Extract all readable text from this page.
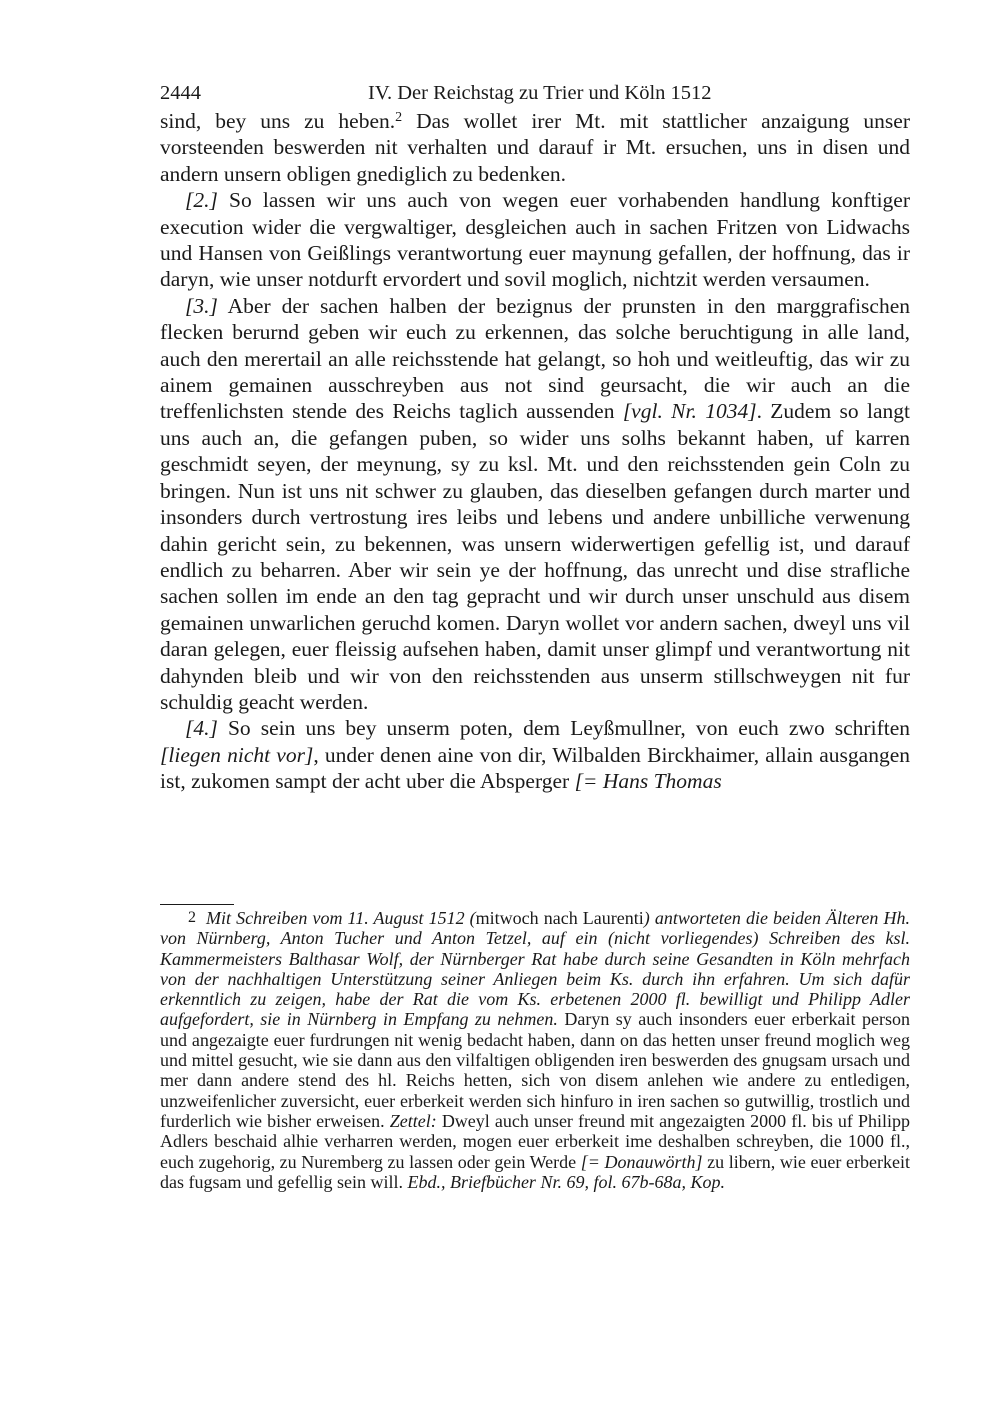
2444	IV. Der Reichstag zu Trier und Köln 1512

sind, bey uns zu heben.$^2$ Das wollet irer Mt. mit stattlicher anzaigung unser vorsteenden beswerden nit verhalten und darauf ir Mt. ersuchen, uns in disen und andern unsern obligen gnediglich zu bedenken.

[2.] So lassen wir uns auch von wegen euer vorhabenden handlung konftiger execution wider die vergwaltiger, desgleichen auch in sachen Fritzen von Lidwachs und Hansen von Geißlings verantwortung euer maynung gefallen, der hoffnung, das ir daryn, wie unser notdurft ervordert und sovil moglich, nichtzit werden versaumen.

[3.] Aber der sachen halben der bezignus der prunsten in den marggrafischen flecken berurnd geben wir euch zu erkennen, das solche beruchtigung in alle land, auch den merertail an alle reichsstende hat gelangt, so hoh und weitleuftig, das wir zu ainem gemainen ausschreyben aus not sind geursacht, die wir auch an die treffenlichsten stende des Reichs taglich aussenden [vgl. Nr. 1034]. Zudem so langt uns auch an, die gefangen puben, so wider uns solhs bekannt haben, uf karren geschmidt seyen, der meynung, sy zu ksl. Mt. und den reichsstenden gein Coln zu bringen. Nun ist uns nit schwer zu glauben, das dieselben gefangen durch marter und insonders durch vertrostung ires leibs und lebens und andere unbilliche verwenung dahin gericht sein, zu bekennen, was unsern widerwertigen gefellig ist, und darauf endlich zu beharren. Aber wir sein ye der hoffnung, das unrecht und dise strafliche sachen sollen im ende an den tag gepracht und wir durch unser unschuld aus disem gemainen unwarlichen geruchd komen. Daryn wollet vor andern sachen, dweyl uns vil daran gelegen, euer fleissig aufsehen haben, damit unser glimpf und verantwortung nit dahynden bleib und wir von den reichsstenden aus unserm stillschweygen nit fur schuldig geacht werden.

[4.] So sein uns bey unserm poten, dem Leyßmullner, von euch zwo schriften [liegen nicht vor], under denen aine von dir, Wilbalden Birckhaimer, allain ausgangen ist, zukomen sampt der acht uber die Absperger [= Hans Thomas

2 Mit Schreiben vom 11. August 1512 (mitwoch nach Laurenti) antworteten die beiden Älteren Hh. von Nürnberg, Anton Tucher und Anton Tetzel, auf ein (nicht vorliegendes) Schreiben des ksl. Kammermeisters Balthasar Wolf, der Nürnberger Rat habe durch seine Gesandten in Köln mehrfach von der nachhaltigen Unterstützung seiner Anliegen beim Ks. durch ihn erfahren. Um sich dafür erkenntlich zu zeigen, habe der Rat die vom Ks. erbetenen 2000 fl. bewilligt und Philipp Adler aufgefordert, sie in Nürnberg in Empfang zu nehmen. Daryn sy auch insonders euer erberkait person und angezaigte euer furdrungen nit wenig bedacht haben, dann on das hetten unser freund moglich weg und mittel gesucht, wie sie dann aus den vilfaltigen obligenden iren beswerden des gnugsam ursach und mer dann andere stend des hl. Reichs hetten, sich von disem anlehen wie andere zu entledigen, unzweifenlicher zuversicht, euer erberkeit werden sich hinfuro in iren sachen so gutwillig, trostlich und furderlich wie bisher erweisen. Zettel: Dweyl auch unser freund mit angezaigten 2000 fl. bis uf Philipp Adlers beschaid alhie verharren werden, mogen euer erberkeit ime deshalben schreyben, die 1000 fl., euch zugehorig, zu Nuremberg zu lassen oder gein Werde [= Donauwörth] zu libern, wie euer erberkeit das fugsam und gefellig sein will. Ebd., Briefbücher Nr. 69, fol. 67b-68a, Kop.
